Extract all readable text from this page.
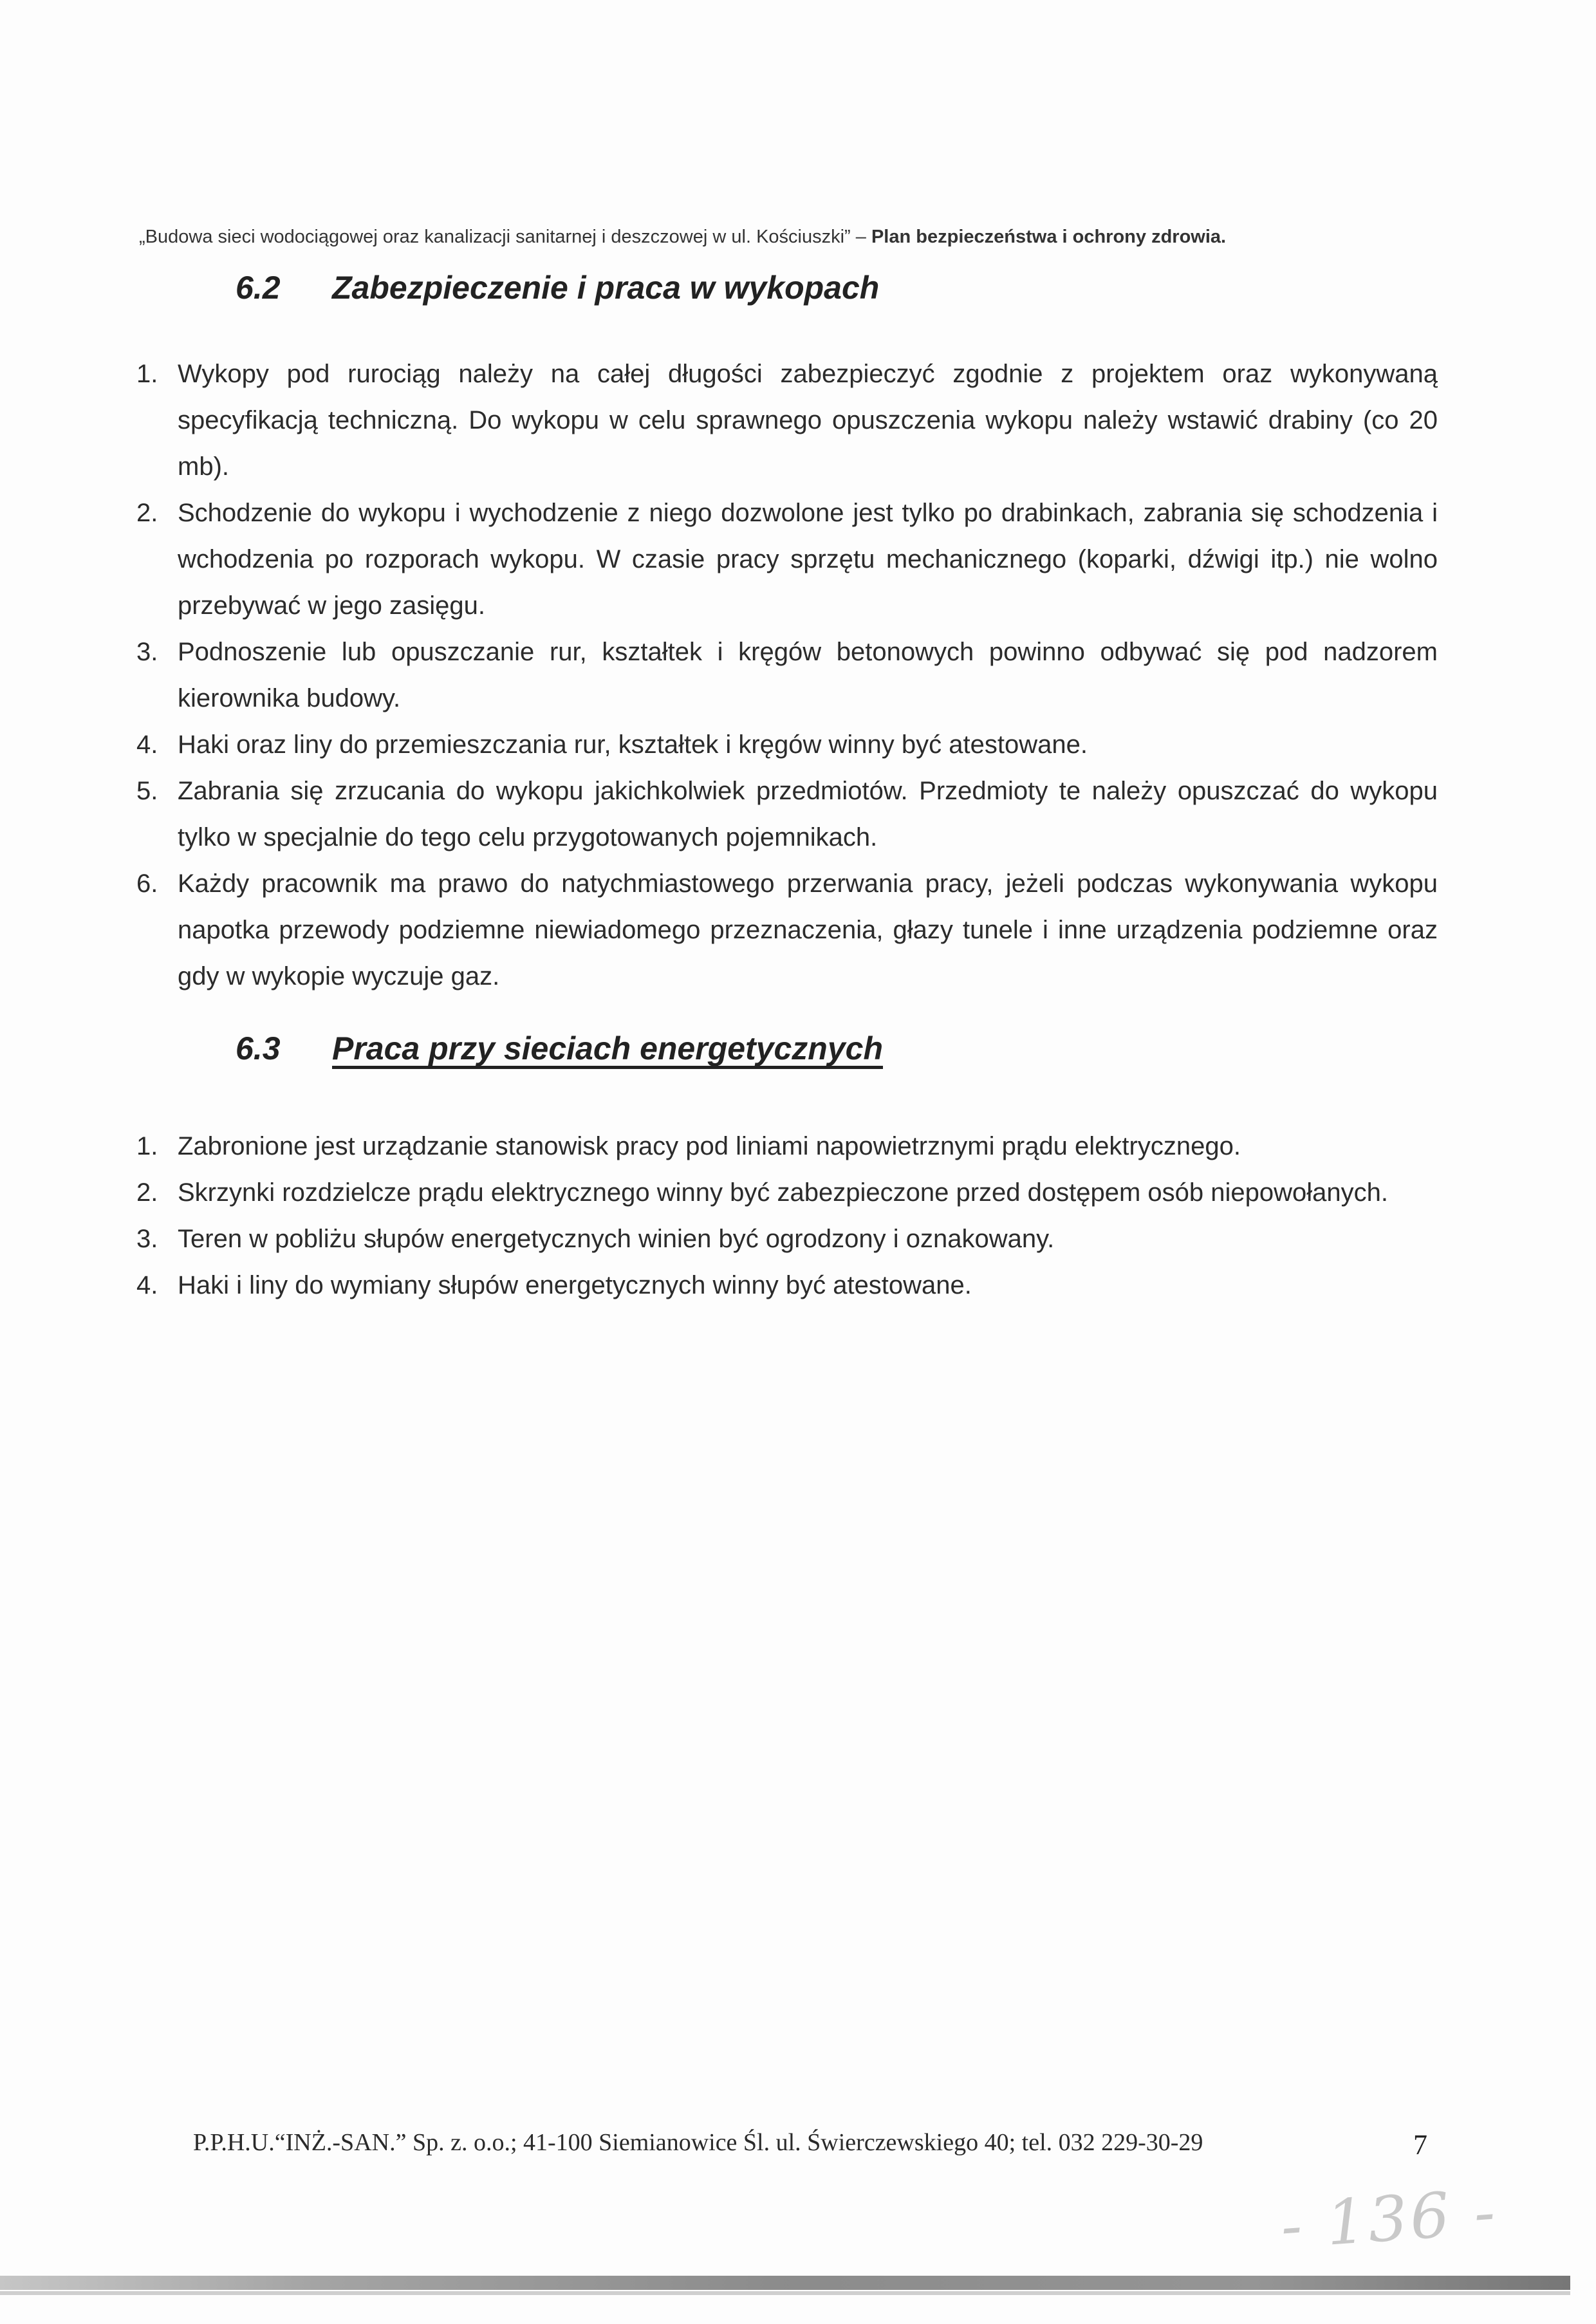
„Budowa sieci wodociągowej oraz kanalizacji sanitarnej i deszczowej w ul. Kościuszki” – Plan bezpieczeństwa i ochrony zdrowia.
6.2 Zabezpieczenie i praca w wykopach
1. Wykopy pod rurociąg należy na całej długości zabezpieczyć zgodnie z projektem oraz wykonywaną specyfikacją techniczną. Do wykopu w celu sprawnego opuszczenia wykopu należy wstawić drabiny (co 20 mb).
2. Schodzenie do wykopu i wychodzenie z niego dozwolone jest tylko po drabinkach, zabrania się schodzenia i wchodzenia po rozporach wykopu. W czasie pracy sprzętu mechanicznego (koparki, dźwigi itp.) nie wolno przebywać w jego zasięgu.
3. Podnoszenie lub opuszczanie rur, kształtek i kręgów betonowych powinno odbywać się pod nadzorem kierownika budowy.
4. Haki oraz liny do przemieszczania rur, kształtek i kręgów winny być atestowane.
5. Zabrania się zrzucania do wykopu jakichkolwiek przedmiotów. Przedmioty te należy opuszczać do wykopu tylko w specjalnie do tego celu przygotowanych pojemnikach.
6. Każdy pracownik ma prawo do natychmiastowego przerwania pracy, jeżeli podczas wykonywania wykopu napotka przewody podziemne niewiadomego przeznaczenia, głazy tunele i inne urządzenia podziemne oraz gdy w wykopie wyczuje gaz.
6.3 Praca przy sieciach energetycznych
1. Zabronione jest urządzanie stanowisk pracy pod liniami napowietrznymi prądu elektrycznego.
2. Skrzynki rozdzielcze prądu elektrycznego winny być zabezpieczone przed dostępem osób niepowołanych.
3. Teren w pobliżu słupów energetycznych winien być ogrodzony i oznakowany.
4. Haki i liny do wymiany słupów energetycznych winny być atestowane.
P.P.H.U.“INŻ.-SAN.” Sp. z. o.o.; 41-100 Siemianowice Śl. ul. Świerczewskiego 40; tel. 032 229-30-29	7
- 136 -
